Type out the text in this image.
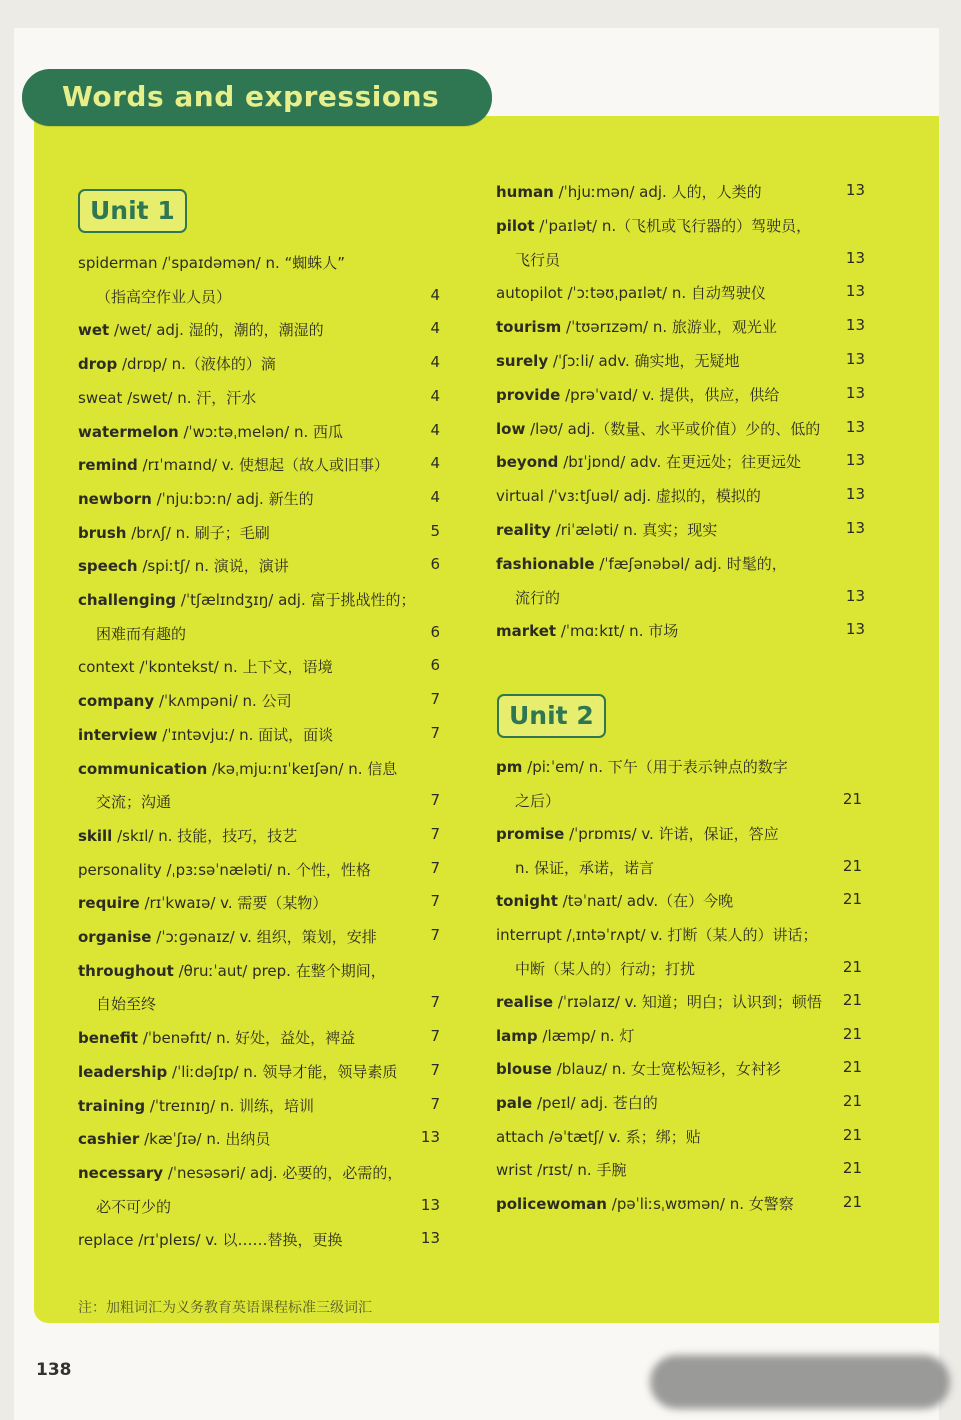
Words and expressions
Unit 1
Unit 2
spiderman /ˈspaɪdəmən/ n. “蜘蛛人”
（指高空作业人员）	4
wet /wet/ adj. 湿的，潮的，潮湿的	4
drop /drɒp/ n.（液体的）滴	4
sweat /swet/ n. 汗，汗水	4
watermelon /ˈwɔːtəˌmelən/ n. 西瓜	4
remind /rɪˈmaɪnd/ v. 使想起（故人或旧事）	4
newborn /ˈnjuːbɔːn/ adj. 新生的	4
brush /brʌʃ/ n. 刷子；毛刷	5
speech /spiːtʃ/ n. 演说，演讲	6
challenging /ˈtʃælɪndʒɪŋ/ adj. 富于挑战性的；
困难而有趣的	6
context /ˈkɒntekst/ n. 上下文，语境	6
company /ˈkʌmpəni/ n. 公司	7
interview /ˈɪntəvjuː/ n. 面试，面谈	7
communication /kəˌmjuːnɪˈkeɪʃən/ n. 信息
交流；沟通	7
skill /skɪl/ n. 技能，技巧，技艺	7
personality /ˌpɜːsəˈnæləti/ n. 个性，性格	7
require /rɪˈkwaɪə/ v. 需要（某物）	7
organise /ˈɔːɡənaɪz/ v. 组织，策划，安排	7
throughout /θruːˈaut/ prep. 在整个期间，
自始至终	7
benefit /ˈbenəfɪt/ n. 好处，益处，裨益	7
leadership /ˈliːdəʃɪp/ n. 领导才能，领导素质	7
training /ˈtreɪnɪŋ/ n. 训练，培训	7
cashier /kæˈʃɪə/ n. 出纳员	13
necessary /ˈnesəsəri/ adj. 必要的，必需的，
必不可少的	13
replace /rɪˈpleɪs/ v. 以……替换，更换	13
human /ˈhjuːmən/ adj. 人的，人类的	13
pilot /ˈpaɪlət/ n.（飞机或飞行器的）驾驶员，
飞行员	13
autopilot /ˈɔːtəʊˌpaɪlət/ n. 自动驾驶仪	13
tourism /ˈtʊərɪzəm/ n. 旅游业，观光业	13
surely /ˈʃɔːli/ adv. 确实地，无疑地	13
provide /prəˈvaɪd/ v. 提供，供应，供给	13
low /ləʊ/ adj.（数量、水平或价值）少的、低的	13
beyond /bɪˈjɒnd/ adv. 在更远处；往更远处	13
virtual /ˈvɜːtʃuəl/ adj. 虚拟的，模拟的	13
reality /riˈæləti/ n. 真实；现实	13
fashionable /ˈfæʃənəbəl/ adj. 时髦的，
流行的	13
market /ˈmɑːkɪt/ n. 市场	13
pm /piːˈem/ n. 下午（用于表示钟点的数字
之后）	21
promise /ˈprɒmɪs/ v. 许诺，保证，答应
n. 保证，承诺，诺言	21
tonight /təˈnaɪt/ adv.（在）今晚	21
interrupt /ˌɪntəˈrʌpt/ v. 打断（某人的）讲话；
中断（某人的）行动；打扰	21
realise /ˈrɪəlaɪz/ v. 知道；明白；认识到；顿悟	21
lamp /læmp/ n. 灯	21
blouse /blauz/ n. 女士宽松短衫，女衬衫	21
pale /peɪl/ adj. 苍白的	21
attach /əˈtætʃ/ v. 系；绑；贴	21
wrist /rɪst/ n. 手腕	21
policewoman /pəˈliːsˌwʊmən/ n. 女警察	21
注：加粗词汇为义务教育英语课程标准三级词汇
138
